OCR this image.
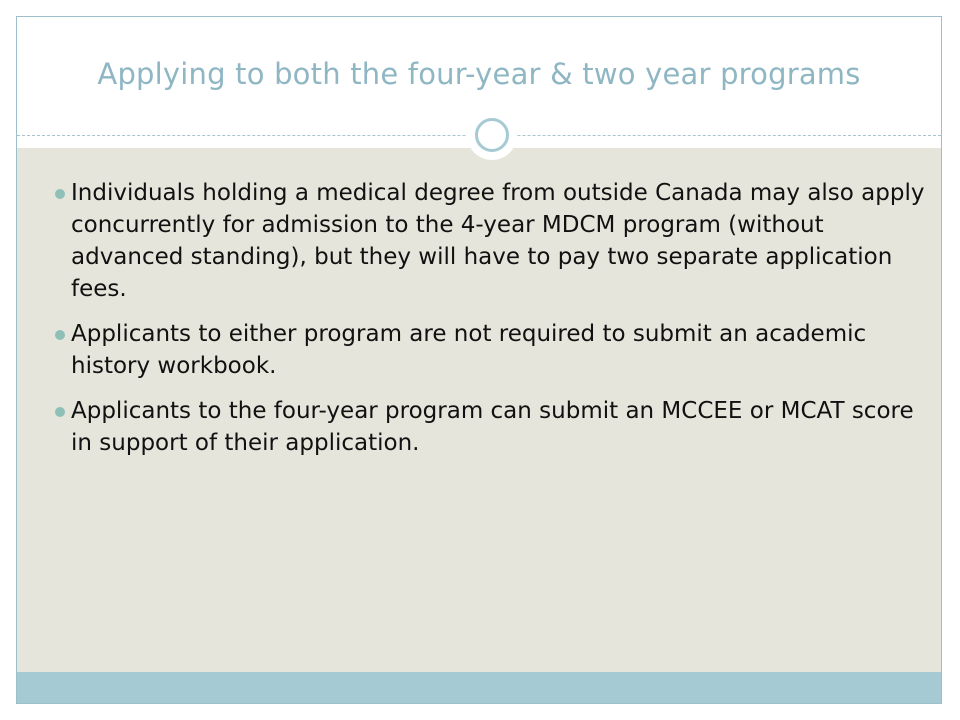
Applying to both the four-year & two year programs
Individuals holding a medical degree from outside Canada may also apply concurrently for admission to the 4-year MDCM program (without advanced standing), but they will have to pay two separate application fees.
Applicants to either program are not required to submit an academic history workbook.
Applicants to the four-year program can submit an MCCEE or MCAT score in support of their application.
